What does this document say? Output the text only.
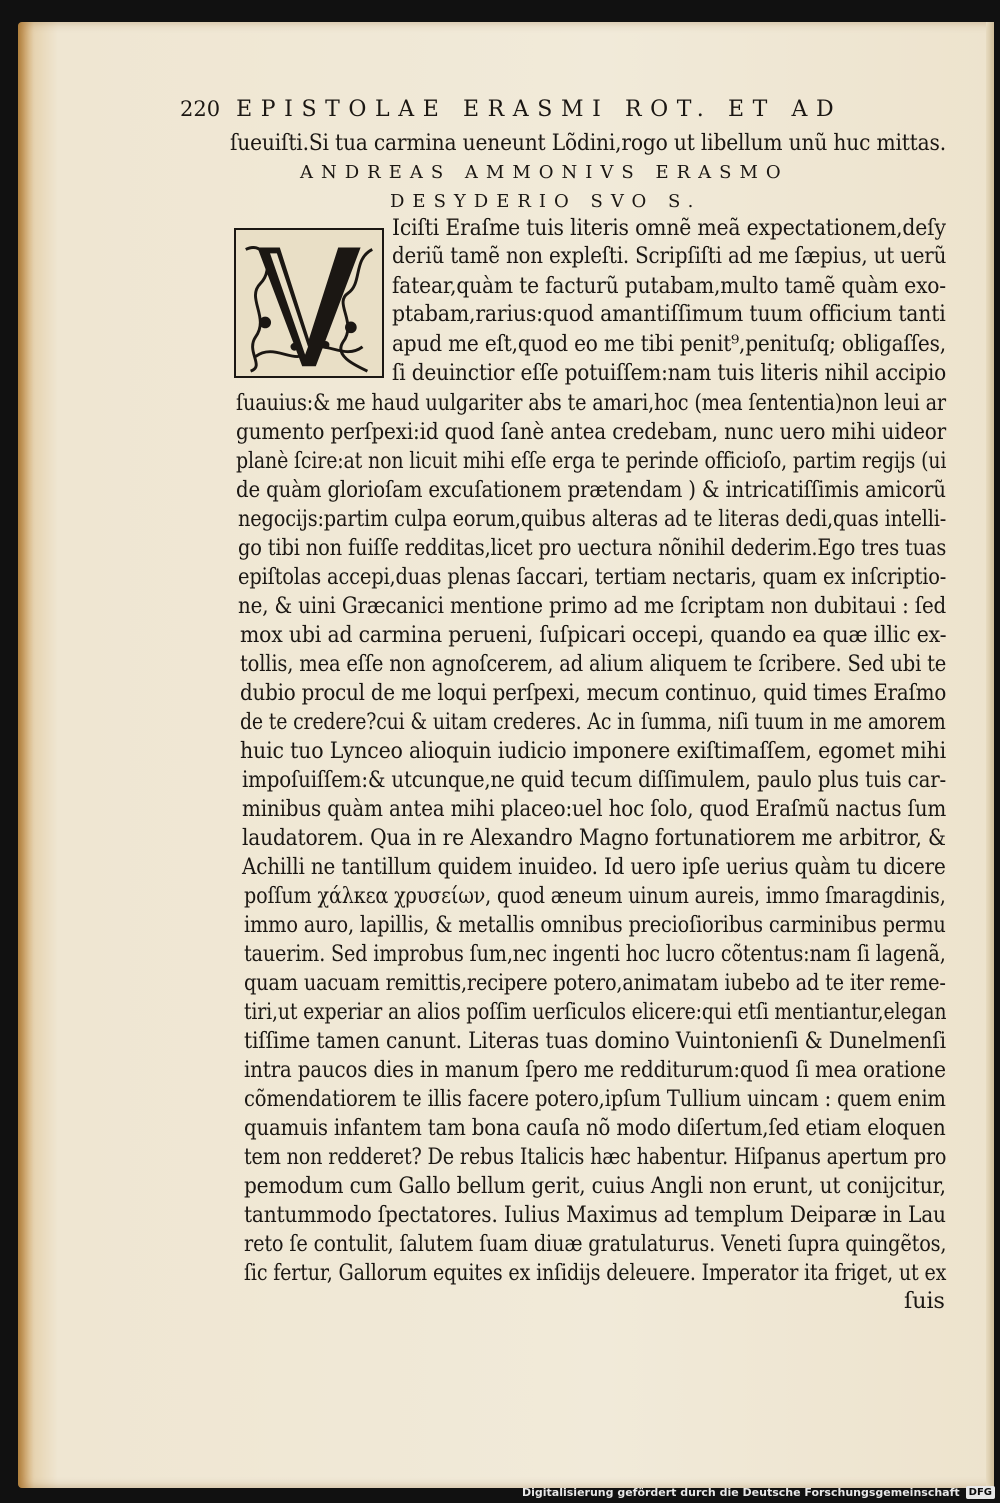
220 EPISTOLAE ERASMI ROT. ET AD
ſueuiſti.Si tua carmina ueneunt Lõdini,rogo ut libellum unũ huc mittas.
ANDREAS AMMONIVS ERASMO
DESYDERIO SVO S.
Iciſti Eraſme tuis literis omnẽ meã expectationem,deſy
deriũ tamẽ non expleſti. Scripſiſti ad me ſæpius, ut uerũ
fatear,quàm te facturũ putabam,multo tamẽ quàm exo-
ptabam,rarius:quod amantiſſimum tuum officium tanti
apud me eſt,quod eo me tibi penit⁹,penituſq; obligaſſes,
ſi deuinctior eſſe potuiſſem:nam tuis literis nihil accipio
ſuauius:& me haud uulgariter abs te amari,hoc (mea ſententia)non leui ar
gumento perſpexi:id quod ſanè antea credebam, nunc uero mihi uideor
planè ſcire:at non licuit mihi eſſe erga te perinde officioſo, partim regijs (ui
de quàm glorioſam excuſationem prætendam ) & intricatiſſimis amicorũ
negocijs:partim culpa eorum,quibus alteras ad te literas dedi,quas intelli-
go tibi non fuiſſe redditas,licet pro uectura nõnihil dederim.Ego tres tuas
epiſtolas accepi,duas plenas ſaccari, tertiam nectaris, quam ex inſcriptio-
ne, & uini Græcanici mentione primo ad me ſcriptam non dubitaui : ſed
mox ubi ad carmina perueni, ſuſpicari occepi, quando ea quæ illic ex-
tollis, mea eſſe non agnoſcerem, ad alium aliquem te ſcribere. Sed ubi te
dubio procul de me loqui perſpexi, mecum continuo, quid times Eraſmo
de te credere?cui & uitam crederes. Ac in ſumma, niſi tuum in me amorem
huic tuo Lynceo alioquin iudicio imponere exiſtimaſſem, egomet mihi
impoſuiſſem:& utcunque,ne quid tecum diſſimulem, paulo plus tuis car-
minibus quàm antea mihi placeo:uel hoc ſolo, quod Eraſmũ nactus ſum
laudatorem. Qua in re Alexandro Magno fortunatiorem me arbitror, &
Achilli ne tantillum quidem inuideo. Id uero ipſe uerius quàm tu dicere
poſſum χάλκεα χρυσείων, quod æneum uinum aureis, immo ſmaragdinis,
immo auro, lapillis, & metallis omnibus precioſioribus carminibus permu
tauerim. Sed improbus ſum,nec ingenti hoc lucro cõtentus:nam ſi lagenã,
quam uacuam remittis,recipere potero,animatam iubebo ad te iter reme-
tiri,ut experiar an alios poſſim uerſiculos elicere:qui etſi mentiantur,elegan
tiſſime tamen canunt. Literas tuas domino Vuintonienſi & Dunelmenſi
intra paucos dies in manum ſpero me redditurum:quod ſi mea oratione
cõmendatiorem te illis facere potero,ipſum Tullium uincam : quem enim
quamuis infantem tam bona cauſa nõ modo diſertum,ſed etiam eloquen
tem non redderet? De rebus Italicis hæc habentur. Hiſpanus apertum pro
pemodum cum Gallo bellum gerit, cuius Angli non erunt, ut conijcitur,
tantummodo ſpectatores. Iulius Maximus ad templum Deiparæ in Lau
reto ſe contulit, ſalutem ſuam diuæ gratulaturus. Veneti ſupra quingẽtos,
ſic fertur, Gallorum equites ex inſidijs deleuere. Imperator ita friget, ut ex
ſuis
Digitalisierung gefördert durch die Deutsche Forschungsgemeinschaft DFG
